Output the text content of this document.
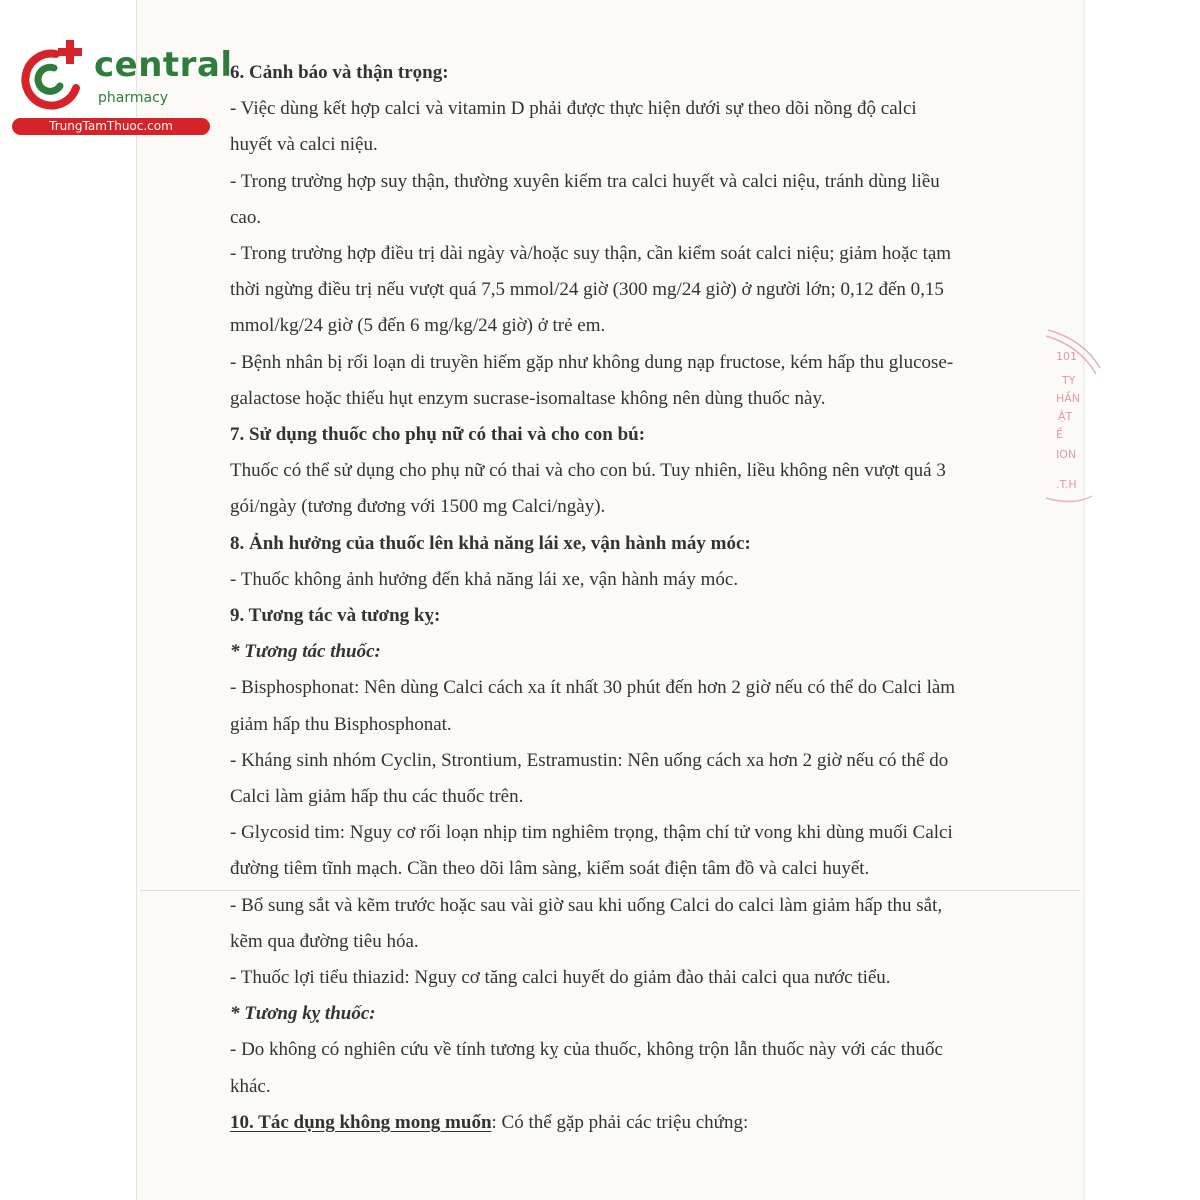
central

pharmacy

TrungTamThuoc.com

6. Cảnh báo và thận trọng:

- Việc dùng kết hợp calci và vitamin D phải được thực hiện dưới sự theo dõi nồng độ calci

huyết và calci niệu.

- Trong trường hợp suy thận, thường xuyên kiểm tra calci huyết và calci niệu, tránh dùng liều

cao.

- Trong trường hợp điều trị dài ngày và/hoặc suy thận, cần kiểm soát calci niệu; giảm hoặc tạm

thời ngừng điều trị nếu vượt quá 7,5 mmol/24 giờ (300 mg/24 giờ) ở người lớn; 0,12 đến 0,15

mmol/kg/24 giờ (5 đến 6 mg/kg/24 giờ) ở trẻ em.

- Bệnh nhân bị rối loạn di truyền hiếm gặp như không dung nạp fructose, kém hấp thu glucose-

galactose hoặc thiếu hụt enzym sucrase-isomaltase không nên dùng thuốc này.

7. Sử dụng thuốc cho phụ nữ có thai và cho con bú:

Thuốc có thể sử dụng cho phụ nữ có thai và cho con bú. Tuy nhiên, liều không nên vượt quá 3

gói/ngày (tương đương với 1500 mg Calci/ngày).

8. Ảnh hưởng của thuốc lên khả năng lái xe, vận hành máy móc:

- Thuốc không ảnh hưởng đến khả năng lái xe, vận hành máy móc.

9. Tương tác và tương kỵ:

* Tương tác thuốc:

- Bisphosphonat: Nên dùng Calci cách xa ít nhất 30 phút đến hơn 2 giờ nếu có thể do Calci làm

giảm hấp thu Bisphosphonat.

- Kháng sinh nhóm Cyclin, Strontium, Estramustin: Nên uống cách xa hơn 2 giờ nếu có thể do

Calci làm giảm hấp thu các thuốc trên.

- Glycosid tim: Nguy cơ rối loạn nhịp tim nghiêm trọng, thậm chí tử vong khi dùng muối Calci

đường tiêm tĩnh mạch. Cần theo dõi lâm sàng, kiểm soát điện tâm đồ và calci huyết.

- Bổ sung sắt và kẽm trước hoặc sau vài giờ sau khi uống Calci do calci làm giảm hấp thu sắt,

kẽm qua đường tiêu hóa.

- Thuốc lợi tiểu thiazid: Nguy cơ tăng calci huyết do giảm đào thải calci qua nước tiểu.

* Tương kỵ thuốc:

- Do không có nghiên cứu về tính tương kỵ của thuốc, không trộn lẫn thuốc này với các thuốc

khác.

10. Tác dụng không mong muốn: Có thể gặp phải các triệu chứng:

101
TY
HẦN
ẬT
Ề
ION
.T.H
